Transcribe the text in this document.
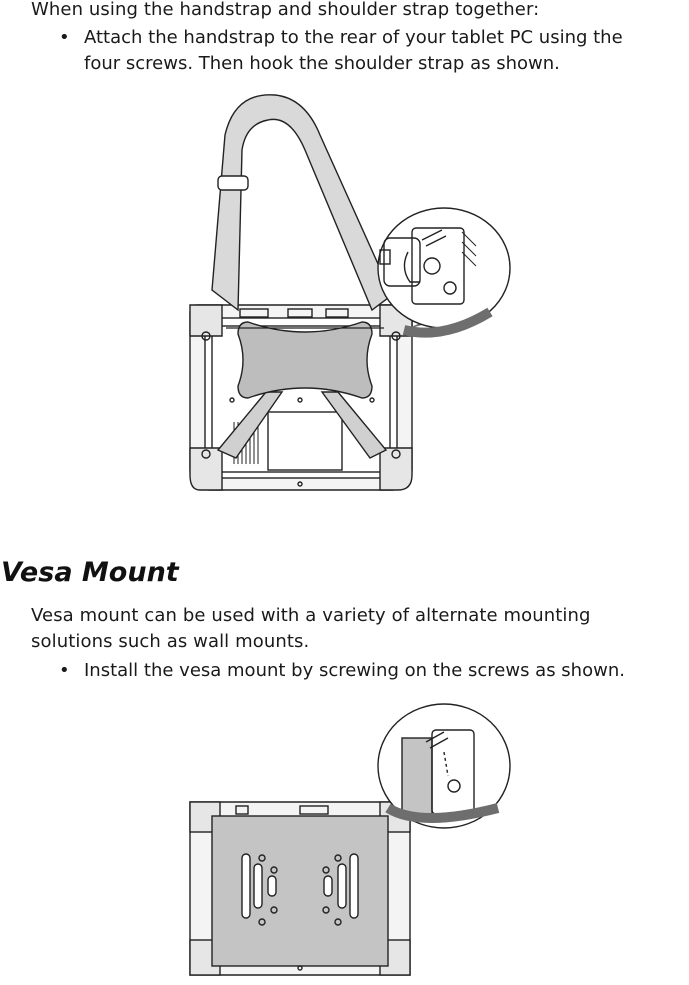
When using the handstrap and shoulder strap together:

• Attach the handstrap to the rear of your tablet PC using the
four screws. Then hook the shoulder strap as shown.
Vesa Mount
Vesa mount can be used with a variety of alternate mounting
solutions such as wall mounts.
• Install the vesa mount by screwing on the screws as shown.
